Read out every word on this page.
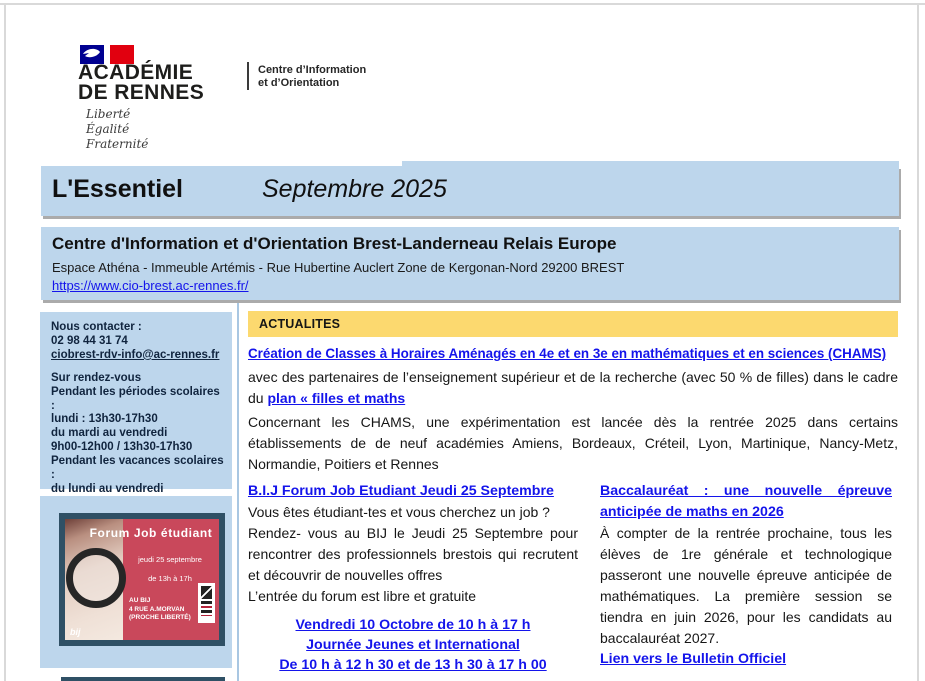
ACADÉMIE
DE RENNES
Liberté
Égalité
Fraternité
Centre d’Information
et d’Orientation
L'Essentiel	Septembre 2025
Centre d'Information et d'Orientation Brest-Landerneau Relais Europe
Espace Athéna - Immeuble Artémis - Rue Hubertine Auclert Zone de Kergonan-Nord 29200 BREST
https://www.cio-brest.ac-rennes.fr/
Nous contacter :
02 98 44 31 74
ciobrest-rdv-info@ac-rennes.fr
Sur rendez-vous
Pendant les périodes scolaires :
lundi : 13h30-17h30
du mardi au vendredi
9h00-12h00 / 13h30-17h30
Pendant les vacances scolaires :
du lundi au vendredi
Forum Job étudiant
jeudi 25 septembre
de 13h à 17h
AU BIJ
4 RUE A.MORVAN
(PROCHE LIBERTÉ)
bij
ACTUALITES
Création de Classes à Horaires Aménagés en 4e et en 3e en mathématiques et en sciences (CHAMS)

avec des partenaires de l’enseignement supérieur et de la recherche (avec 50 % de filles) dans le cadre du plan « filles et maths

Concernant les CHAMS, une expérimentation est lancée dès la rentrée 2025 dans certains établissements de de neuf académies Amiens, Bordeaux, Créteil, Lyon, Martinique, Nancy-Metz, Normandie, Poitiers et Rennes

B.I.J Forum Job Etudiant Jeudi 25 Septembre
Vous êtes étudiant-tes et vous cherchez un job ?
Rendez- vous au BIJ le Jeudi 25 Septembre pour rencontrer des professionnels brestois qui recrutent et découvrir de nouvelles offres
L’entrée du forum est libre et gratuite
Vendredi 10 Octobre de 10 h à 17 h
Journée Jeunes et International
De 10 h à 12 h 30 et de 13 h 30 à 17 h 00
Baccalauréat : une nouvelle épreuve anticipée de maths en 2026

À compter de la rentrée prochaine, tous les élèves de 1re générale et technologique passeront une nouvelle épreuve anticipée de mathématiques. La première session se tiendra en juin 2026, pour les candidats au baccalauréat 2027.

Lien vers le Bulletin Officiel
